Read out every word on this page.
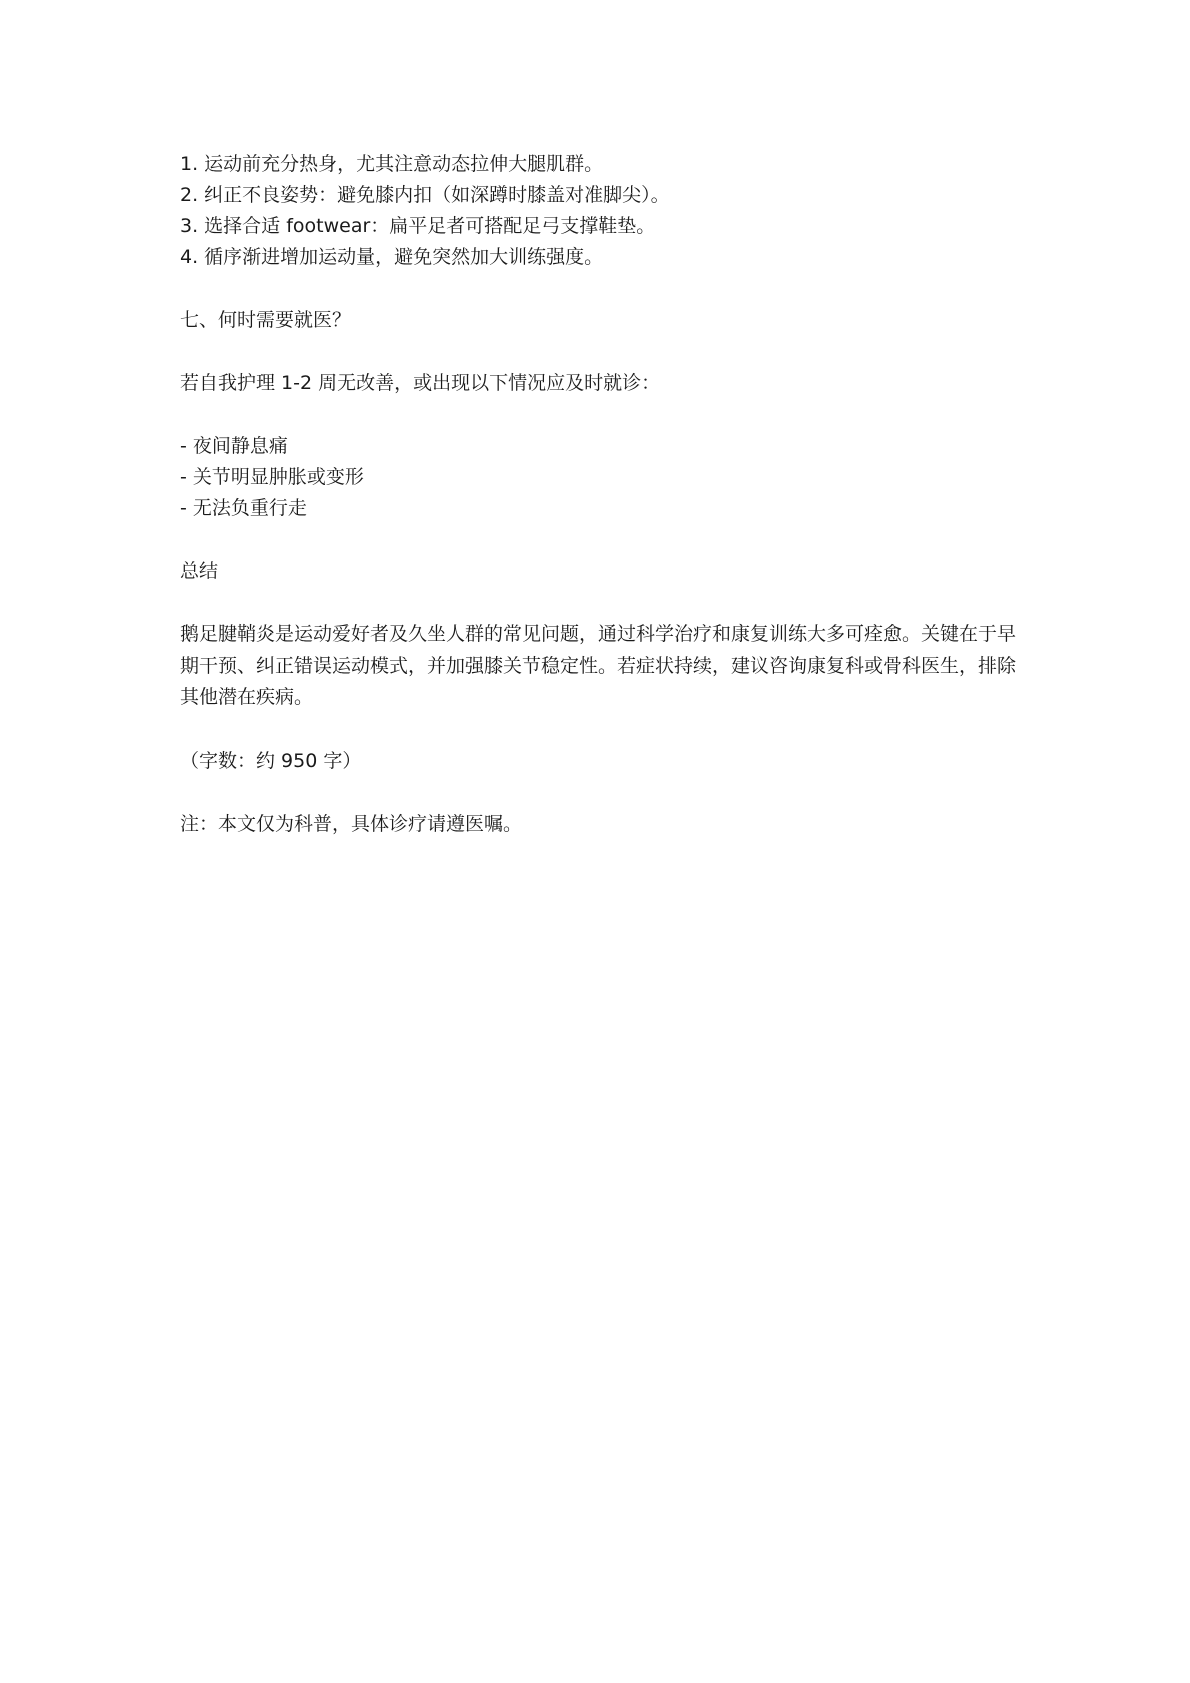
1. 运动前充分热身，尤其注意动态拉伸大腿肌群。
2. 纠正不良姿势：避免膝内扣（如深蹲时膝盖对准脚尖）。
3. 选择合适 footwear：扁平足者可搭配足弓支撑鞋垫。
4. 循序渐进增加运动量，避免突然加大训练强度。

七、何时需要就医？

若自我护理 1-2 周无改善，或出现以下情况应及时就诊：

- 夜间静息痛
- 关节明显肿胀或变形
- 无法负重行走

总结

鹅足腱鞘炎是运动爱好者及久坐人群的常见问题，通过科学治疗和康复训练大多可痊愈。关键在于早期干预、纠正错误运动模式，并加强膝关节稳定性。若症状持续，建议咨询康复科或骨科医生，排除其他潜在疾病。

（字数：约 950 字）

注：本文仅为科普，具体诊疗请遵医嘱。
